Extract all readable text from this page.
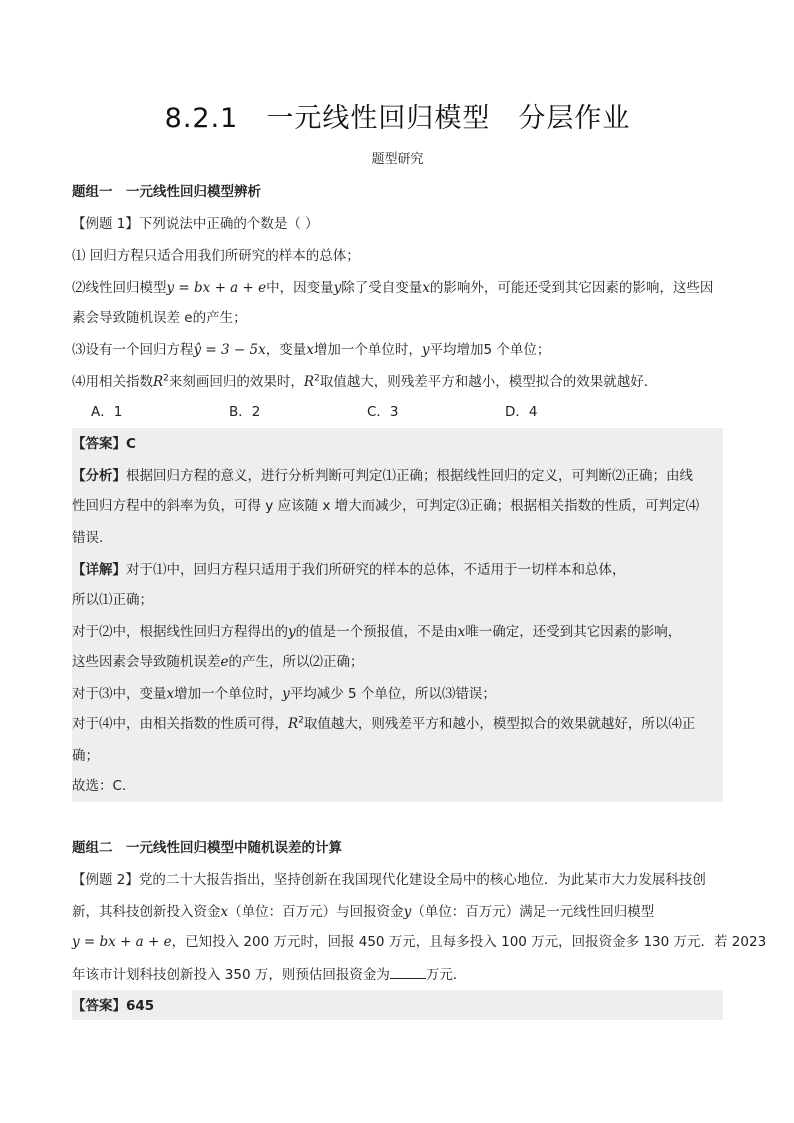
8.2.1　一元线性回归模型　分层作业
题型研究
题组一　一元线性回归模型辨析
【例题 1】下列说法中正确的个数是（ ）
⑴ 回归方程只适合用我们所研究的样本的总体；
⑵线性回归模型y = bx + a + e中，因变量y除了受自变量x的影响外，可能还受到其它因素的影响，这些因
素会导致随机误差 e的产生；
⑶设有一个回归方程ŷ = 3 − 5x，变量x增加一个单位时，y平均增加5 个单位；
⑷用相关指数$R^2$来刻画回归的效果时，$R^2$取值越大，则残差平方和越小，模型拟合的效果就越好．
A．1	B．2	C．3	D．4
【答案】C
【分析】根据回归方程的意义，进行分析判断可判定⑴正确；根据线性回归的定义，可判断⑵正确；由线
性回归方程中的斜率为负，可得 y 应该随 x 增大而减少，可判定⑶正确；根据相关指数的性质，可判定⑷
错误.
【详解】对于⑴中，回归方程只适用于我们所研究的样本的总体，不适用于一切样本和总体，
所以⑴正确；
对于⑵中，根据线性回归方程得出的y的值是一个预报值，不是由x唯一确定，还受到其它因素的影响，
这些因素会导致随机误差e的产生，所以⑵正确；
对于⑶中，变量x增加一个单位时，y平均减少 5 个单位，所以⑶错误；
对于⑷中，由相关指数的性质可得，$R^2$取值越大，则残差平方和越小，模型拟合的效果就越好，所以⑷正
确；
故选：C.
题组二　一元线性回归模型中随机误差的计算
【例题 2】党的二十大报告指出，坚持创新在我国现代化建设全局中的核心地位．为此某市大力发展科技创
新，其科技创新投入资金x（单位：百万元）与回报资金y（单位：百万元）满足一元线性回归模型
y = bx + a + e，已知投入 200 万元时，回报 450 万元，且每多投入 100 万元，回报资金多 130 万元．若 2023
年该市计划科技创新投入 350 万，则预估回报资金为	万元．
【答案】645
